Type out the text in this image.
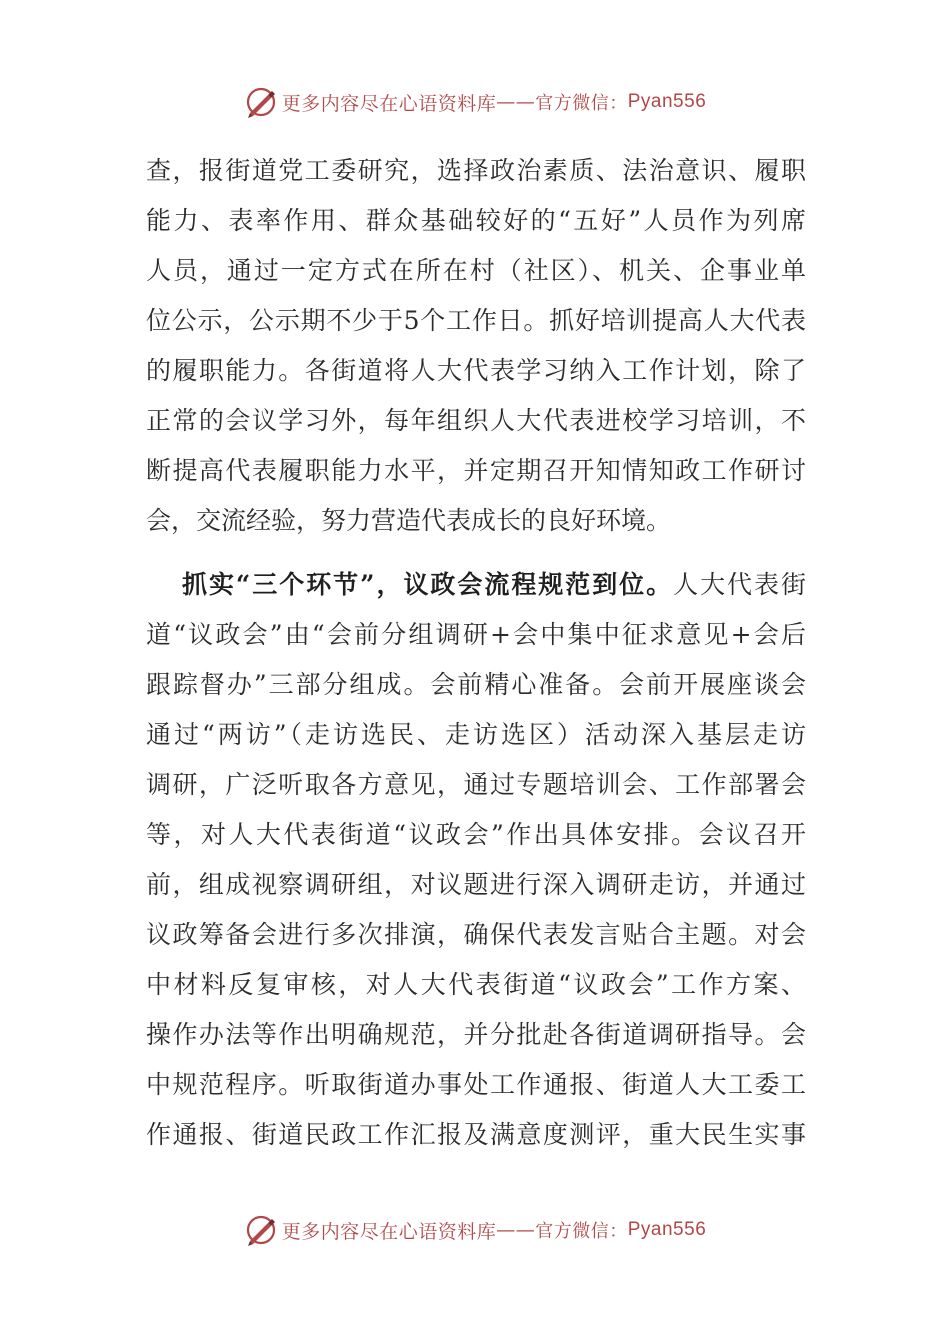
更多内容尽在心语资料库 —— 官方微信： Pyan556
查，报街道党工委研究，选择政治素质、法治意识、履职
能力、表率作用、群众基础较好的“五好”人员作为列席
人员，通过一定方式在所在村（社区）、机关、企事业单
位公示，公示期不少于5个工作日。抓好培训提高人大代表
的履职能力。各街道将人大代表学习纳入工作计划，除了
正常的会议学习外，每年组织人大代表进校学习培训，不
断提高代表履职能力水平，并定期召开知情知政工作研讨
会，交流经验，努力营造代表成长的良好环境。
抓实“三个环节”，议政会流程规范到位。人大代表街
道“议政会”由“会前分组调研+会中集中征求意见+会后
跟踪督办”三部分组成。会前精心准备。会前开展座谈会
通过“两访”（走访选民、走访选区）活动深入基层走访
调研，广泛听取各方意见，通过专题培训会、工作部署会
等，对人大代表街道“议政会”作出具体安排。会议召开
前，组成视察调研组，对议题进行深入调研走访，并通过
议政筹备会进行多次排演，确保代表发言贴合主题。对会
中材料反复审核，对人大代表街道“议政会”工作方案、
操作办法等作出明确规范，并分批赴各街道调研指导。会
中规范程序。听取街道办事处工作通报、街道人大工委工
作通报、街道民政工作汇报及满意度测评，重大民生实事
更多内容尽在心语资料库 —— 官方微信： Pyan556
